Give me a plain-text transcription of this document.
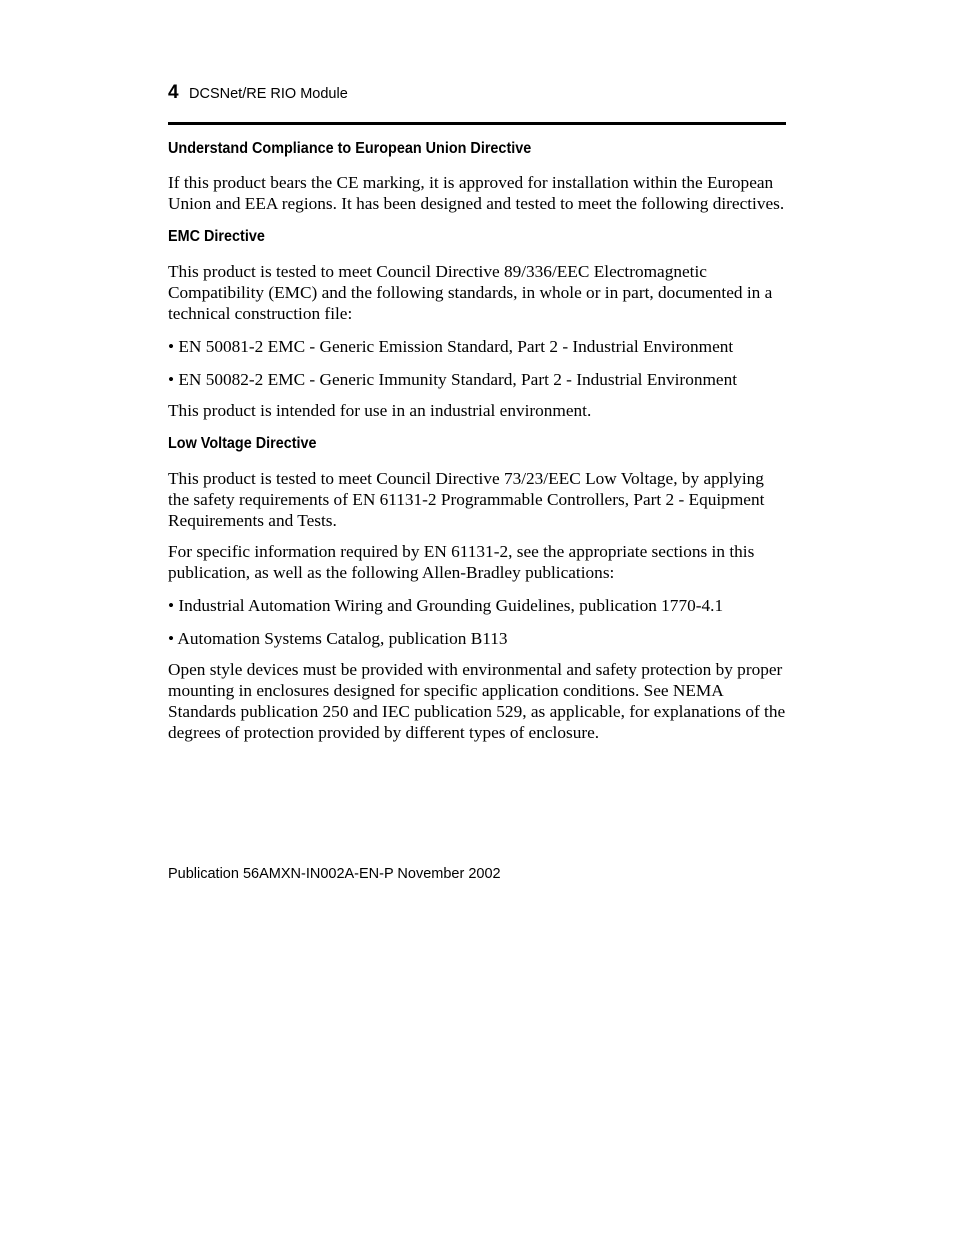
4 DCSNet/RE RIO Module
Understand Compliance to European Union Directive

If this product bears the CE marking, it is approved for installation within the European Union and EEA regions. It has been designed and tested to meet the following directives.

EMC Directive

This product is tested to meet Council Directive 89/336/EEC Electromagnetic Compatibility (EMC) and the following standards, in whole or in part, documented in a technical construction file:

• EN 50081-2 EMC - Generic Emission Standard, Part 2 - Industrial Environment

• EN 50082-2 EMC - Generic Immunity Standard, Part 2 - Industrial Environment

This product is intended for use in an industrial environment.

Low Voltage Directive

This product is tested to meet Council Directive 73/23/EEC Low Voltage, by applying the safety requirements of EN 61131-2 Programmable Controllers, Part 2 - Equipment Requirements and Tests.

For specific information required by EN 61131-2, see the appropriate sections in this publication, as well as the following Allen-Bradley publications:

• Industrial Automation Wiring and Grounding Guidelines, publication 1770-4.1

• Automation Systems Catalog, publication B113

Open style devices must be provided with environmental and safety protection by proper mounting in enclosures designed for specific application conditions. See NEMA Standards publication 250 and IEC publication 529, as applicable, for explanations of the degrees of protection provided by different types of enclosure.

Publication 56AMXN-IN002A-EN-P November 2002
